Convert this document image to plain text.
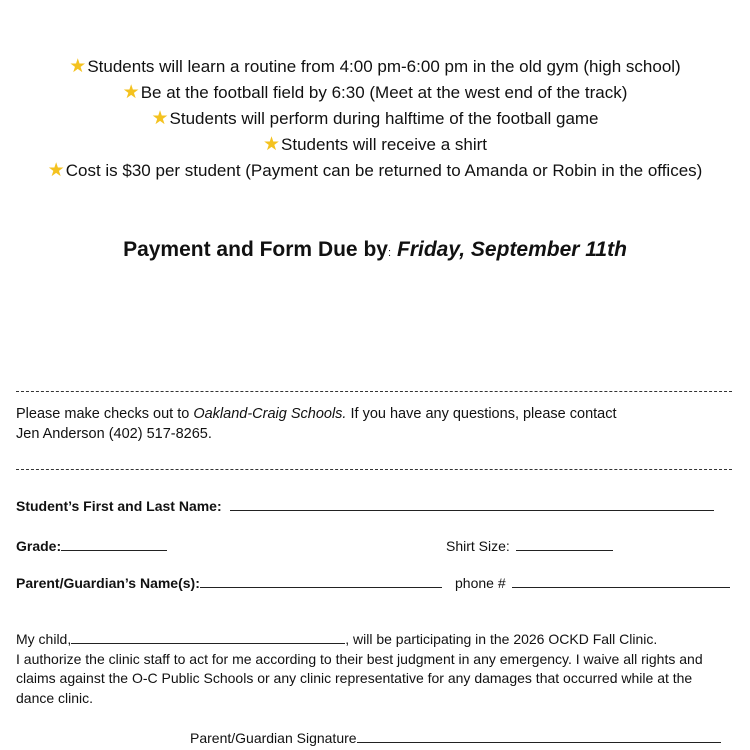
★Students will learn a routine from 4:00 pm-6:00 pm in the old gym (high school)
★Be at the football field by 6:30 (Meet at the west end of the track)
★Students will perform during halftime of the football game
★Students will receive a shirt
★Cost is $30 per student (Payment can be returned to Amanda or Robin in the offices)
Payment and Form Due by: Friday, September 11th
Please make checks out to Oakland-Craig Schools. If you have any questions, please contact
Jen Anderson (402) 517-8265.
Student’s First and Last Name:
Grade:	Shirt Size:
Parent/Guardian’s Name(s):	phone #
My child,	, will be participating in the 2026 OCKD Fall Clinic.
I authorize the clinic staff to act for me according to their best judgment in any emergency. I waive all rights and claims against the O-C Public Schools or any clinic representative for any damages that occurred while at the dance clinic.
Parent/Guardian Signature
